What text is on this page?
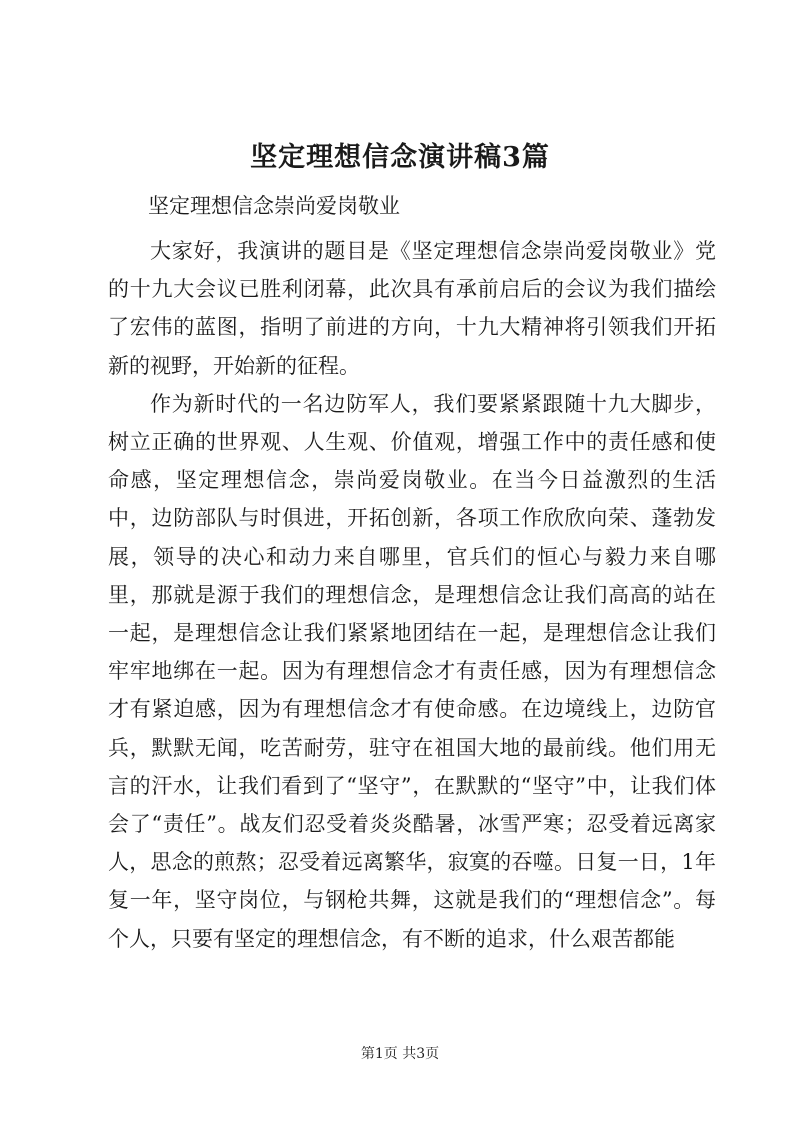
坚定理想信念演讲稿3篇
坚定理想信念崇尚爱岗敬业

大家好，我演讲的题目是《坚定理想信念崇尚爱岗敬业》党的十九大会议已胜利闭幕，此次具有承前启后的会议为我们描绘了宏伟的蓝图，指明了前进的方向，十九大精神将引领我们开拓新的视野，开始新的征程。

作为新时代的一名边防军人，我们要紧紧跟随十九大脚步，树立正确的世界观、人生观、价值观，增强工作中的责任感和使命感，坚定理想信念，崇尚爱岗敬业。在当今日益激烈的生活中，边防部队与时俱进，开拓创新，各项工作欣欣向荣、蓬勃发展，领导的决心和动力来自哪里，官兵们的恒心与毅力来自哪里，那就是源于我们的理想信念，是理想信念让我们高高的站在一起，是理想信念让我们紧紧地团结在一起，是理想信念让我们牢牢地绑在一起。因为有理想信念才有责任感，因为有理想信念才有紧迫感，因为有理想信念才有使命感。在边境线上，边防官兵，默默无闻，吃苦耐劳，驻守在祖国大地的最前线。他们用无言的汗水，让我们看到了“坚守”，在默默的“坚守”中，让我们体会了“责任”。战友们忍受着炎炎酷暑，冰雪严寒；忍受着远离家人，思念的煎熬；忍受着远离繁华，寂寞的吞噬。日复一日，1年复一年，坚守岗位，与钢枪共舞，这就是我们的“理想信念”。每个人，只要有坚定的理想信念，有不断的追求，什么艰苦都能

第1页 共3页
